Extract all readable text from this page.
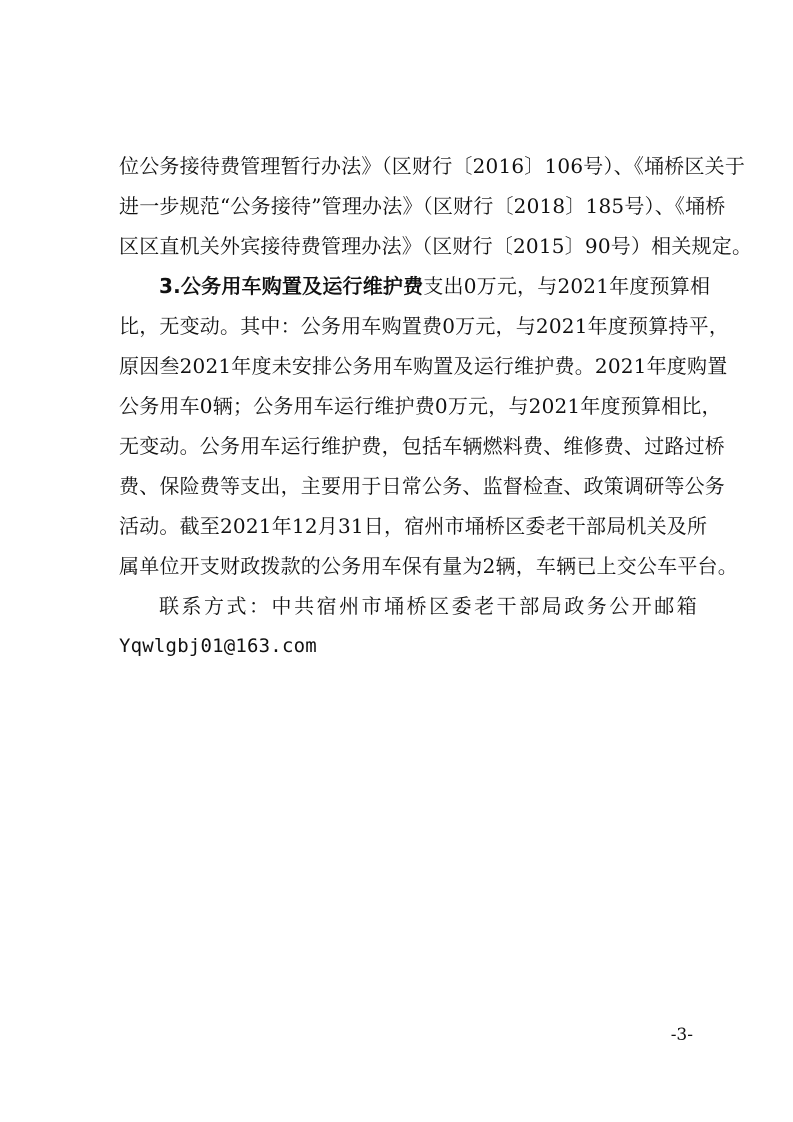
位公务接待费管理暂行办法》（区财行〔2016〕106号）、《埇桥区关于
进一步规范“公务接待”管理办法》（区财行〔2018〕185号）、《埇桥
区区直机关外宾接待费管理办法》（区财行〔2015〕90号）相关规定。
3.公务用车购置及运行维护费支出0万元，与2021年度预算相
比，无变动。其中：公务用车购置费0万元，与2021年度预算持平，
原因叁2021年度未安排公务用车购置及运行维护费。2021年度购置
公务用车0辆；公务用车运行维护费0万元，与2021年度预算相比，
无变动。公务用车运行维护费，包括车辆燃料费、维修费、过路过桥
费、保险费等支出，主要用于日常公务、监督检查、政策调研等公务
活动。截至2021年12月31日，宿州市埇桥区委老干部局机关及所
属单位开支财政拨款的公务用车保有量为2辆，车辆已上交公车平台。
联系方式：中共宿州市埇桥区委老干部局政务公开邮箱
Yqwlgbj01@163.com
-3-
